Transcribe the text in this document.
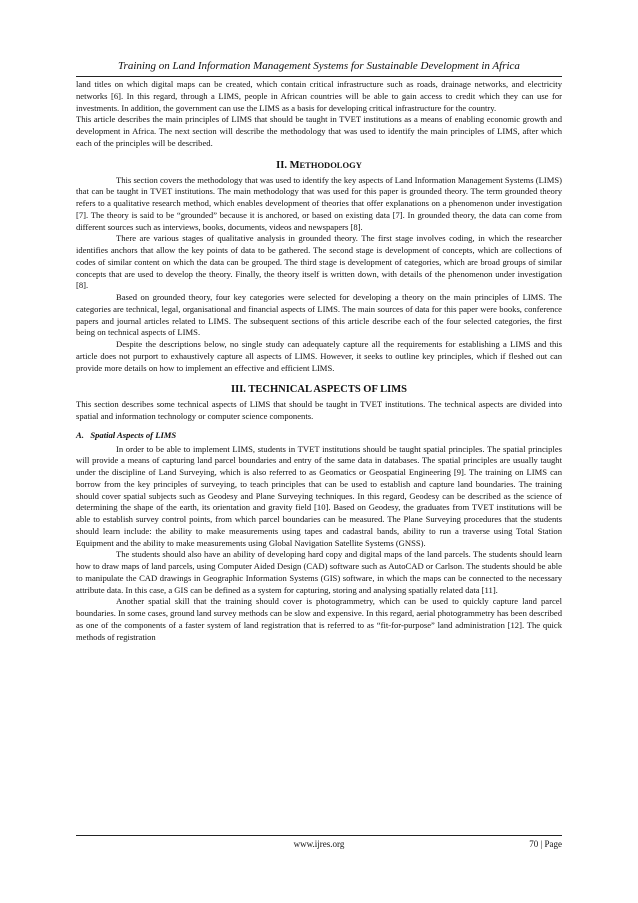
Training on Land Information Management Systems for Sustainable Development in Africa

land titles on which digital maps can be created, which contain critical infrastructure such as roads, drainage networks, and electricity networks [6]. In this regard, through a LIMS, people in African countries will be able to gain access to credit which they can use for investments. In addition, the government can use the LIMS as a basis for developing critical infrastructure for the country.

This article describes the main principles of LIMS that should be taught in TVET institutions as a means of enabling economic growth and development in Africa. The next section will describe the methodology that was used to identify the main principles of LIMS, after which each of the principles will be described.

II. METHODOLOGY

This section covers the methodology that was used to identify the key aspects of Land Information Management Systems (LIMS) that can be taught in TVET institutions. The main methodology that was used for this paper is grounded theory. The term grounded theory refers to a qualitative research method, which enables development of theories that offer explanations on a phenomenon under investigation [7]. The theory is said to be “grounded” because it is anchored, or based on existing data [7]. In grounded theory, the data can come from different sources such as interviews, books, documents, videos and newspapers [8].

There are various stages of qualitative analysis in grounded theory. The first stage involves coding, in which the researcher identifies anchors that allow the key points of data to be gathered. The second stage is development of concepts, which are collections of codes of similar content on which the data can be grouped. The third stage is development of categories, which are broad groups of similar concepts that are used to develop the theory. Finally, the theory itself is written down, with details of the phenomenon under investigation [8].

Based on grounded theory, four key categories were selected for developing a theory on the main principles of LIMS. The categories are technical, legal, organisational and financial aspects of LIMS. The main sources of data for this paper were books, conference papers and journal articles related to LIMS. The subsequent sections of this article describe each of the four selected categories, the first being on technical aspects of LIMS.

Despite the descriptions below, no single study can adequately capture all the requirements for establishing a LIMS and this article does not purport to exhaustively capture all aspects of LIMS. However, it seeks to outline key principles, which if fleshed out can provide more details on how to implement an effective and efficient LIMS.

III. TECHNICAL ASPECTS OF LIMS

This section describes some technical aspects of LIMS that should be taught in TVET institutions. The technical aspects are divided into spatial and information technology or computer science components.

A. Spatial Aspects of LIMS

In order to be able to implement LIMS, students in TVET institutions should be taught spatial principles. The spatial principles will provide a means of capturing land parcel boundaries and entry of the same data in databases. The spatial principles are usually taught under the discipline of Land Surveying, which is also referred to as Geomatics or Geospatial Engineering [9]. The training on LIMS can borrow from the key principles of surveying, to teach principles that can be used to establish and capture land boundaries. The training should cover spatial subjects such as Geodesy and Plane Surveying techniques. In this regard, Geodesy can be described as the science of determining the shape of the earth, its orientation and gravity field [10]. Based on Geodesy, the graduates from TVET institutions will be able to establish survey control points, from which parcel boundaries can be measured. The Plane Surveying procedures that the students should learn include: the ability to make measurements using tapes and cadastral bands, ability to run a traverse using Total Station Equipment and the ability to make measurements using Global Navigation Satellite Systems (GNSS).

The students should also have an ability of developing hard copy and digital maps of the land parcels. The students should learn how to draw maps of land parcels, using Computer Aided Design (CAD) software such as AutoCAD or Carlson. The students should be able to manipulate the CAD drawings in Geographic Information Systems (GIS) software, in which the maps can be connected to the necessary attribute data. In this case, a GIS can be defined as a system for capturing, storing and analysing spatially related data [11].

Another spatial skill that the training should cover is photogrammetry, which can be used to quickly capture land parcel boundaries. In some cases, ground land survey methods can be slow and expensive. In this regard, aerial photogrammetry has been described as one of the components of a faster system of land registration that is referred to as “fit-for-purpose” land administration [12]. The quick methods of registration

www.ijres.org	70 | Page
